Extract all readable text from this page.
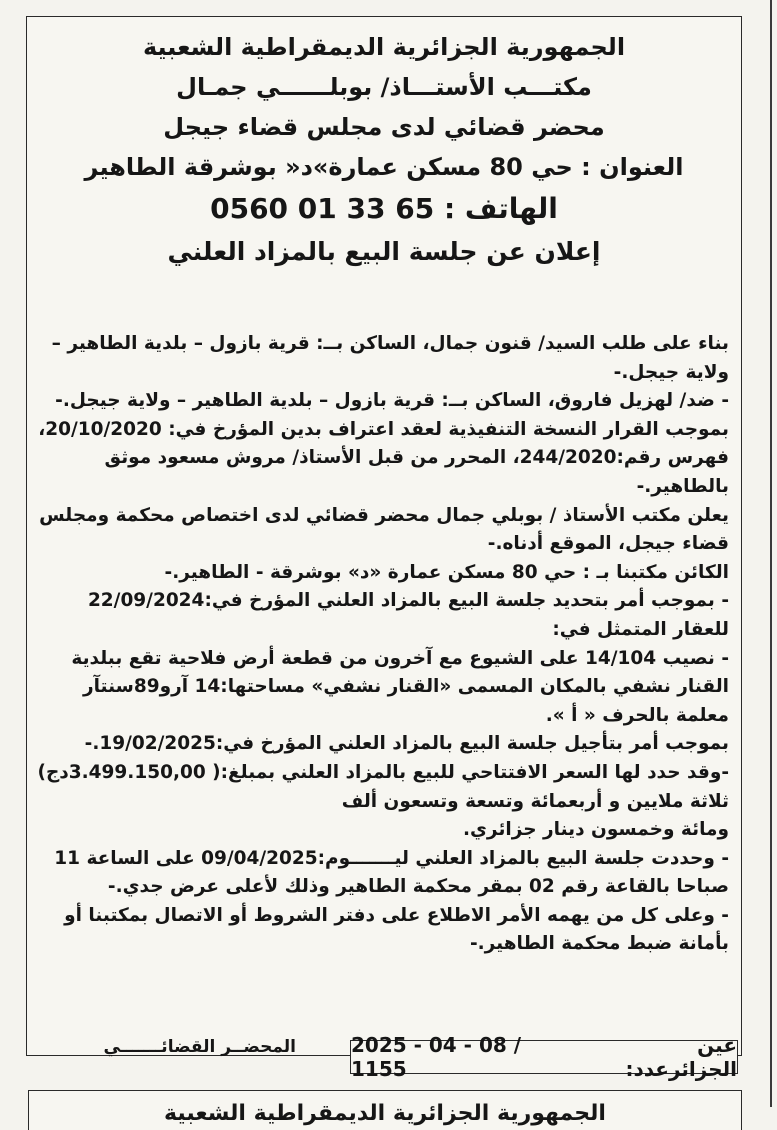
الجمهورية الجزائرية الديمقراطية الشعبية
مكتـــب الأستـــاذ/ بوبلــــــي جمـال
محضر قضائي لدى مجلس قضاء جيجل
العنوان : حي 80 مسكن عمارة»د« بوشرقة الطاهير
الهاتف : 65 33 01 0560
إعلان عن جلسة البيع بالمزاد العلني

بناء على طلب السيد/ قنون جمال، الساكن بــ: قرية بازول – بلدية الطاهير – ولاية جيجل.-

- ضد/ لهزيل فاروق، الساكن بــ: قرية بازول – بلدية الطاهير – ولاية جيجل.-

بموجب القرار النسخة التنفيذية لعقد اعتراف بدين المؤرخ في: 20/10/2020، فهرس رقم:244/2020، المحرر من قبل الأستاذ/ مروش مسعود موثق بالطاهير.-

يعلن مكتب الأستاذ / بوبلي جمال محضر قضائي لدى اختصاص محكمة ومجلس قضاء جيجل، الموقع أدناه.-

الكائن مكتبنا بـ : حي 80 مسكن عمارة «د» بوشرقة - الطاهير.-

- بموجب أمر بتحديد جلسة البيع بالمزاد العلني المؤرخ في:22/09/2024 للعقار المتمثل في:

- نصيب 14/104 على الشيوع مع آخرون من قطعة أرض فلاحية تقع ببلدية القنار نشفي بالمكان المسمى «القنار نشفي» مساحتها:14 آرو89سنتآر معلمة بالحرف « أ ».

بموجب أمر بتأجيل جلسة البيع بالمزاد العلني المؤرخ في:19/02/2025.-

-وقد حدد لها السعر الافتتاحي للبيع بالمزاد العلني بمبلغ:( 3.499.150,00دج) ثلاثة ملايين و أربعمائة وتسعة وتسعون ألف

ومائة وخمسون دينار جزائري.

- وحددت جلسة البيع بالمزاد العلني ليـــــــوم:09/04/2025 على الساعة 11 صباحا بالقاعة رقم 02 بمقر محكمة الطاهير وذلك لأعلى عرض جدي.-

- وعلى كل من يهمه الأمر الاطلاع على دفتر الشروط أو الاتصال بمكتبنا أو بأمانة ضبط محكمة الطاهير.-

المحضــر القضائـــــــي	عين الجزائرعدد:
2025 - 04 - 08 / 1155
الجمهورية الجزائرية الديمقراطية الشعبية
